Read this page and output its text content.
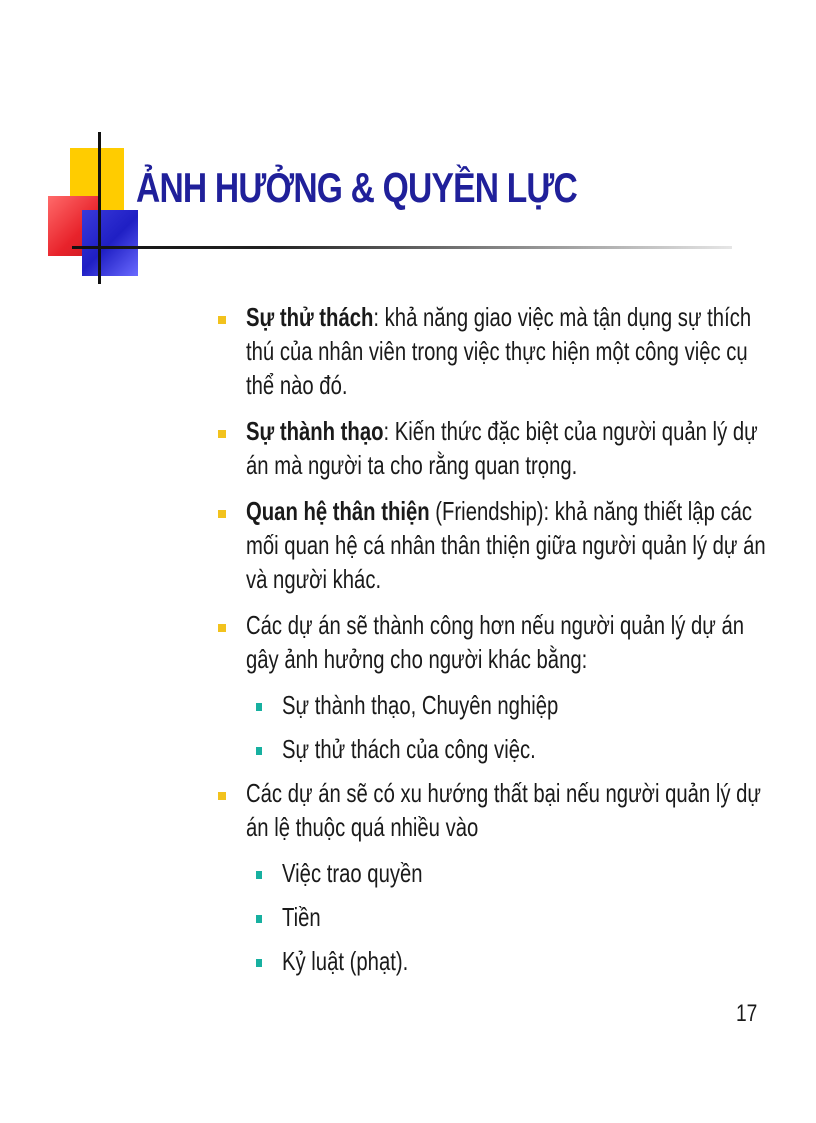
ẢNH HƯỞNG & QUYỀN LỰC
Sự thử thách: khả năng giao việc mà tận dụng sự thích thú của nhân viên trong việc thực hiện một công việc cụ thể nào đó.
Sự thành thạo: Kiến thức đặc biệt của người quản lý dự án mà người ta cho rằng quan trọng.
Quan hệ thân thiện (Friendship): khả năng thiết lập các mối quan hệ cá nhân thân thiện giữa người quản lý dự án và người khác.
Các dự án sẽ thành công hơn nếu người quản lý dự án gây ảnh hưởng cho người khác bằng:
Sự thành thạo, Chuyên nghiệp
Sự thử thách của công việc.
Các dự án sẽ có xu hướng thất bại nếu người quản lý dự án lệ thuộc quá nhiều vào
Việc trao quyền
Tiền
Kỷ luật (phạt).
17
